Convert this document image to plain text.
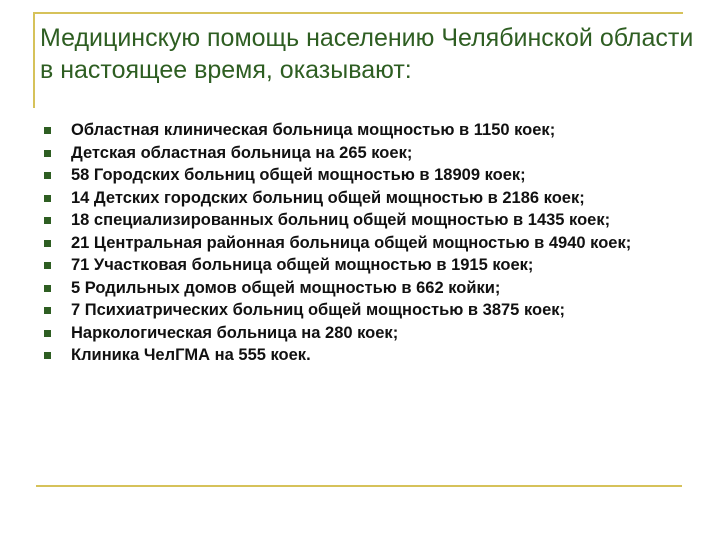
Медицинскую помощь населению Челябинской области в настоящее время, оказывают:
Областная клиническая больница мощностью в 1150 коек;
Детская областная больница на 265 коек;
58 Городских больниц общей мощностью в 18909 коек;
14 Детских городских больниц общей мощностью в 2186 коек;
18 специализированных больниц общей мощностью в 1435 коек;
21 Центральная районная больница общей мощностью в 4940 коек;
71 Участковая больница общей мощностью в 1915 коек;
5 Родильных домов общей мощностью в 662 койки;
7 Психиатрических больниц общей мощностью в 3875 коек;
Наркологическая больница на 280 коек;
Клиника ЧелГМА на 555 коек.
